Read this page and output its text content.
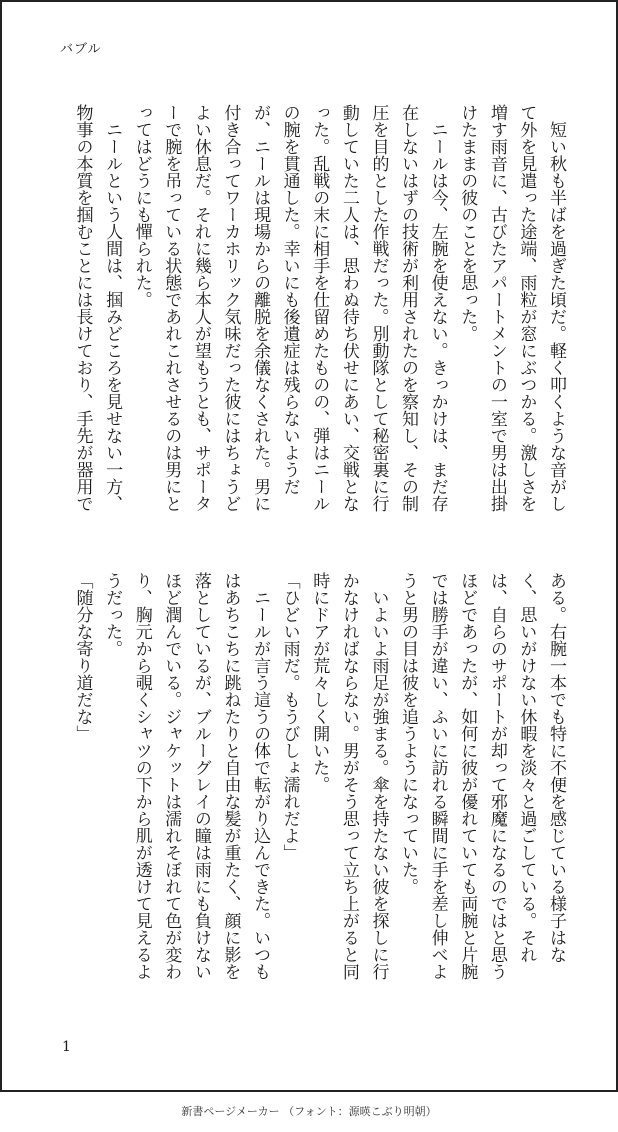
バブル

短い秋も半ばを過ぎた頃だ。軽く叩くような音がして外を見遣った途端、雨粒が窓にぶつかる。激しさを増す雨音に、古びたアパートメントの一室で男は出掛けたままの彼のことを思った。

ニールは今、左腕を使えない。きっかけは、まだ存在しないはずの技術が利用されたのを察知し、その制圧を目的とした作戦だった。別動隊として秘密裏に行動していた二人は、思わぬ待ち伏せにあい、交戦となった。乱戦の末に相手を仕留めたものの、弾はニールの腕を貫通した。幸いにも後遺症は残らないようだが、ニールは現場からの離脱を余儀なくされた。男に付き合ってワーカホリック気味だった彼にはちょうどよい休息だ。それに幾ら本人が望もうとも、サポーターで腕を吊っている状態であれこれさせるのは男にとってはどうにも憚られた。

ニールという人間は、掴みどころを見せない一方、物事の本質を掴むことには長けており、手先が器用で

ある。右腕一本でも特に不便を感じている様子はなく、思いがけない休暇を淡々と過ごしている。それは、自らのサポートが却って邪魔になるのではと思うほどであったが、如何に彼が優れていても両腕と片腕では勝手が違い、ふいに訪れる瞬間に手を差し伸べようと男の目は彼を追うようになっていた。

いよいよ雨足が強まる。傘を持たない彼を探しに行かなければならない。男がそう思って立ち上がると同時にドアが荒々しく開いた。

「ひどい雨だ。もうびしょ濡れだよ」

ニールが言う這うの体で転がり込んできた。いつもはあちこちに跳ねたりと自由な髪が重たく、顔に影を落としているが、ブルーグレイの瞳は雨にも負けないほど潤んでいる。ジャケットは濡れそぼれて色が変わり、胸元から覗くシャツの下から肌が透けて見えるようだった。

「随分な寄り道だな」

1
新書ページメーカー （フォント：源暎こぶり明朝）
